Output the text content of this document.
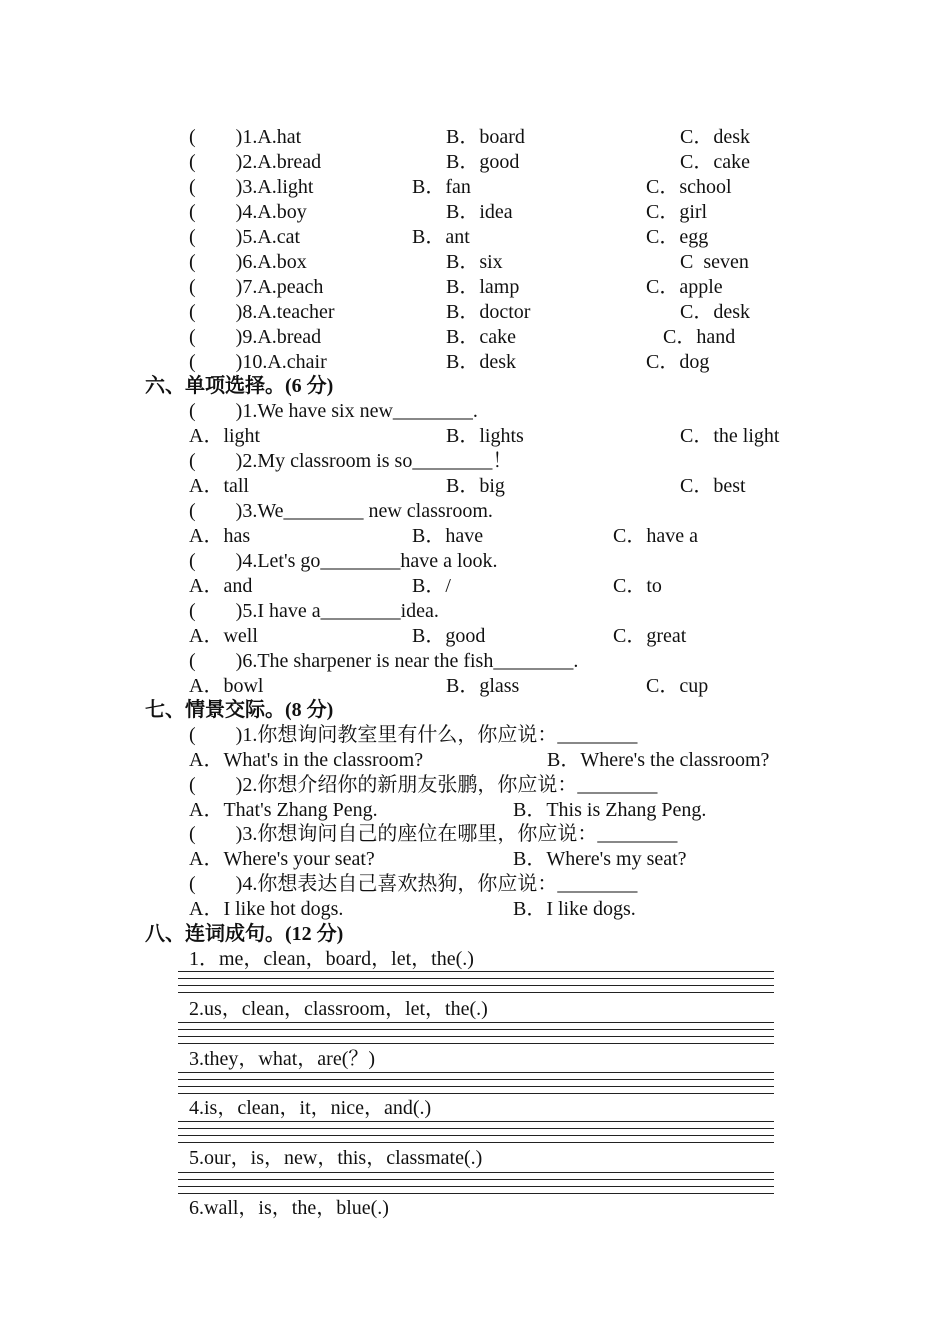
(        )1.A.hat	B．board	C．desk
(        )2.A.bread	B．good	C．cake
(        )3.A.light	B．fan	C．school
(        )4.A.boy	B．idea	C．girl
(        )5.A.cat	B．ant	C．egg
(        )6.A.box	B．six	C  seven
(        )7.A.peach	B．lamp	C．apple
(        )8.A.teacher	B．doctor	C．desk
(        )9.A.bread	B．cake	C．hand
(        )10.A.chair	B．desk	C．dog
六、单项选择。(6 分)
(        )1.We have six new________.
A．light	B．lights	C．the light
(        )2.My classroom is so________！
A．tall	B．big	C．best
(        )3.We________ new classroom.
A．has	B．have	C．have a
(        )4.Let's go________have a look.
A．and	B．/	C．to
(        )5.I have a________idea.
A．well	B．good	C．great
(        )6.The sharpener is near the fish________.
A．bowl	B．glass	C．cup
七、情景交际。(8 分)
(        )1.你想询问教室里有什么，你应说：________
A．What's in the classroom?	B．Where's the classroom?
(        )2.你想介绍你的新朋友张鹏，你应说：________
A．That's Zhang Peng.	B．This is Zhang Peng.
(        )3.你想询问自己的座位在哪里，你应说：________
A．Where's your seat?	B．Where's my seat?
(        )4.你想表达自己喜欢热狗，你应说：________
A．I like hot dogs.	B．I like dogs.
八、连词成句。(12 分)
1．me，clean，board，let，the(.)
2.us，clean，classroom，let，the(.)
3.they，what，are(？)
4.is，clean，it，nice，and(.)
5.our，is，new，this，classmate(.)
6.wall，is，the，blue(.)
